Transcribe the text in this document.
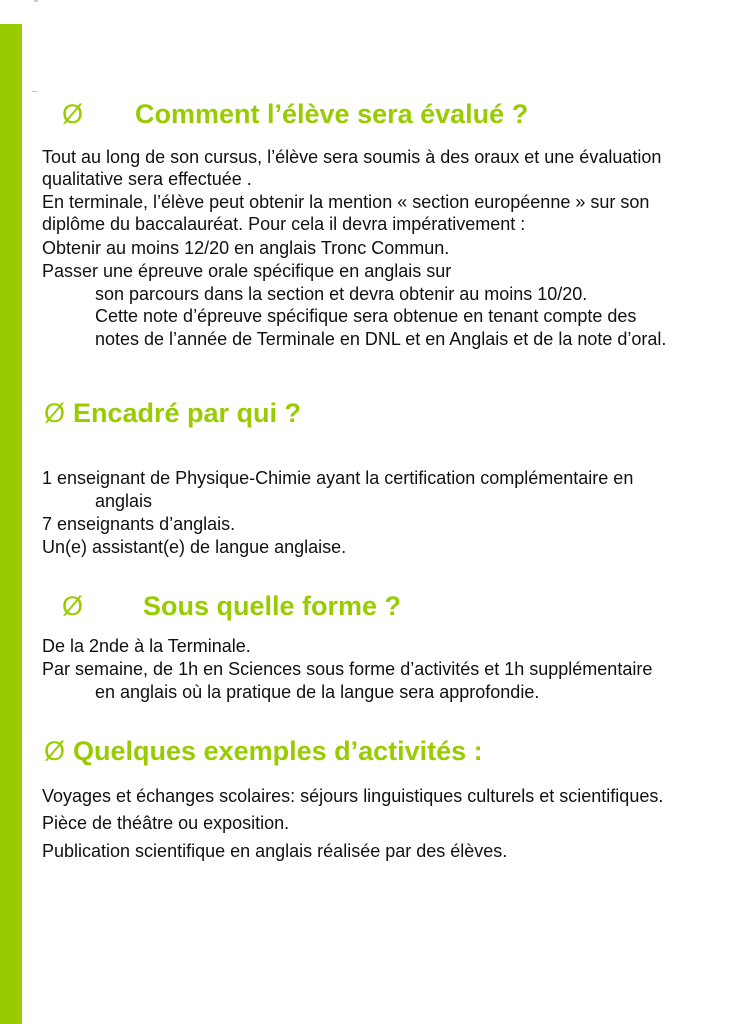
Ø Comment l’élève sera évalué ?

Tout au long de son cursus, l’élève sera soumis à des oraux et une évaluation

qualitative sera effectuée .

En terminale, l’élève peut obtenir la mention « section européenne » sur son

diplôme du baccalauréat. Pour cela il devra impérativement :

Obtenir au moins 12/20 en anglais Tronc Commun.

Passer une épreuve orale spécifique en anglais sur

son parcours dans la section et devra obtenir au moins 10/20.

Cette note d’épreuve spécifique sera obtenue en tenant compte des

notes de l’année de Terminale en DNL et en Anglais et de la note d’oral.

Ø Encadré par qui ?

1 enseignant de Physique-Chimie ayant la certification complémentaire en

anglais

7 enseignants d’anglais.

Un(e) assistant(e) de langue anglaise.

Ø Sous quelle forme ?

De la 2nde à la Terminale.

Par semaine, de 1h en Sciences sous forme d’activités et 1h supplémentaire

en anglais où la pratique de la langue sera approfondie.

Ø Quelques exemples d’activités :

Voyages et échanges scolaires: séjours linguistiques culturels et scientifiques.

Pièce de théâtre ou exposition.

Publication scientifique en anglais réalisée par des élèves.
